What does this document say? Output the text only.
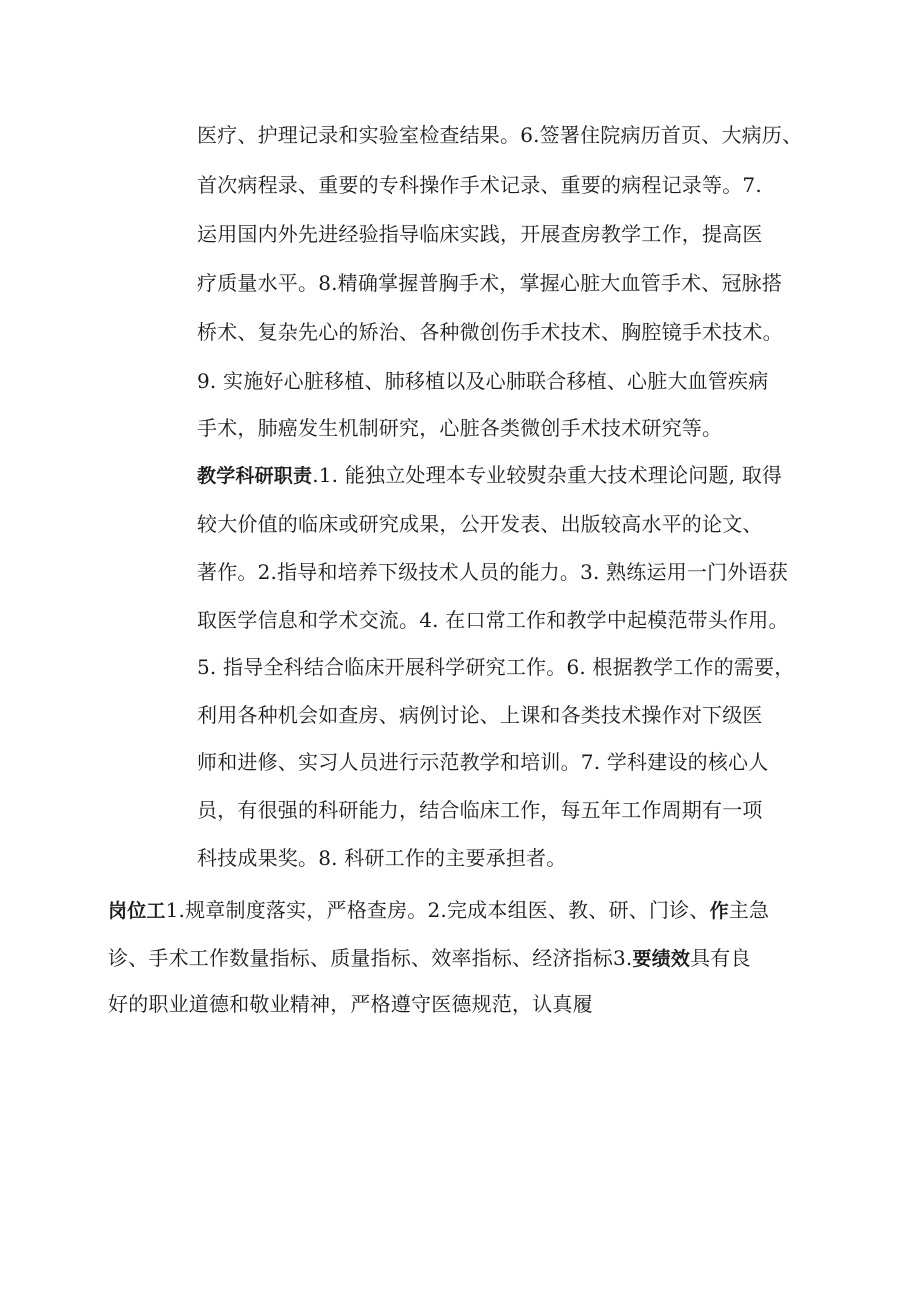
医疗、护理记录和实验室检查结果。6.签署住院病历首页、大病历、
首次病程录、重要的专科操作手术记录、重要的病程记录等。7.
运用国内外先进经验指导临床实践，开展查房教学工作，提高医
疗质量水平。8.精确掌握普胸手术，掌握心脏大血管手术、冠脉搭
桥术、复杂先心的矫治、各种微创伤手术技术、胸腔镜手术技术。
9. 实施好心脏移植、肺移植以及心肺联合移植、心脏大血管疾病
手术，肺癌发生机制研究，心脏各类微创手术技术研究等。
教学科研职责.1. 能独立处理本专业较熨杂重大技术理论问题, 取得
较大价值的临床或研究成果，公开发表、出版较高水平的论文、
著作。2.指导和培养下级技术人员的能力。3. 熟练运用一门外语获
取医学信息和学术交流。4. 在口常工作和教学中起模范带头作用。
5. 指导全科结合临床开展科学研究工作。6. 根据教学工作的需要，
利用各种机会如查房、病例讨论、上课和各类技术操作对下级医
师和进修、实习人员进行示范教学和培训。7. 学科建设的核心人
员，有很强的科研能力，结合临床工作，每五年工作周期有一项
科技成果奖。8. 科研工作的主要承担者。
岗位工1.规章制度落实，严格查房。2.完成本组医、教、研、门诊、作主急
诊、手术工作数量指标、质量指标、效率指标、经济指标3.要绩效具有良
好的职业道德和敬业精神，严格遵守医德规范，认真履
